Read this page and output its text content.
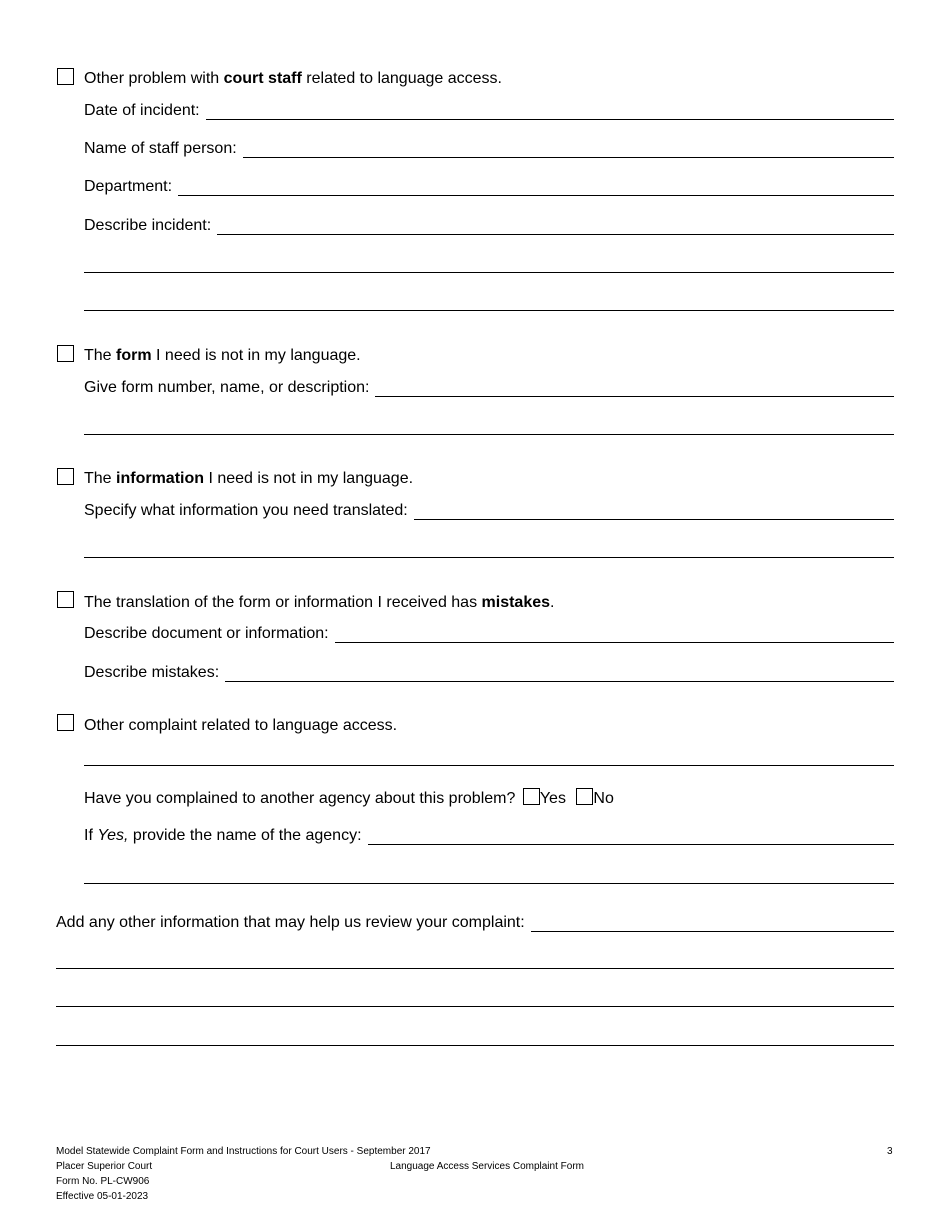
Other problem with court staff related to language access.
Date of incident:
Name of staff person:
Department:
Describe incident:
The form I need is not in my language.
Give form number, name, or description:
The information I need is not in my language.
Specify what information you need translated:
The translation of the form or information I received has mistakes.
Describe document or information:
Describe mistakes:
Other complaint related to language access.
Have you complained to another agency about this problem? Yes No
If Yes, provide the name of the agency:
Add any other information that may help us review your complaint:
Model Statewide Complaint Form and Instructions for Court Users - September 2017
Placer Superior Court
Form No. PL-CW906
Effective 05-01-2023
Language Access Services Complaint Form
3
